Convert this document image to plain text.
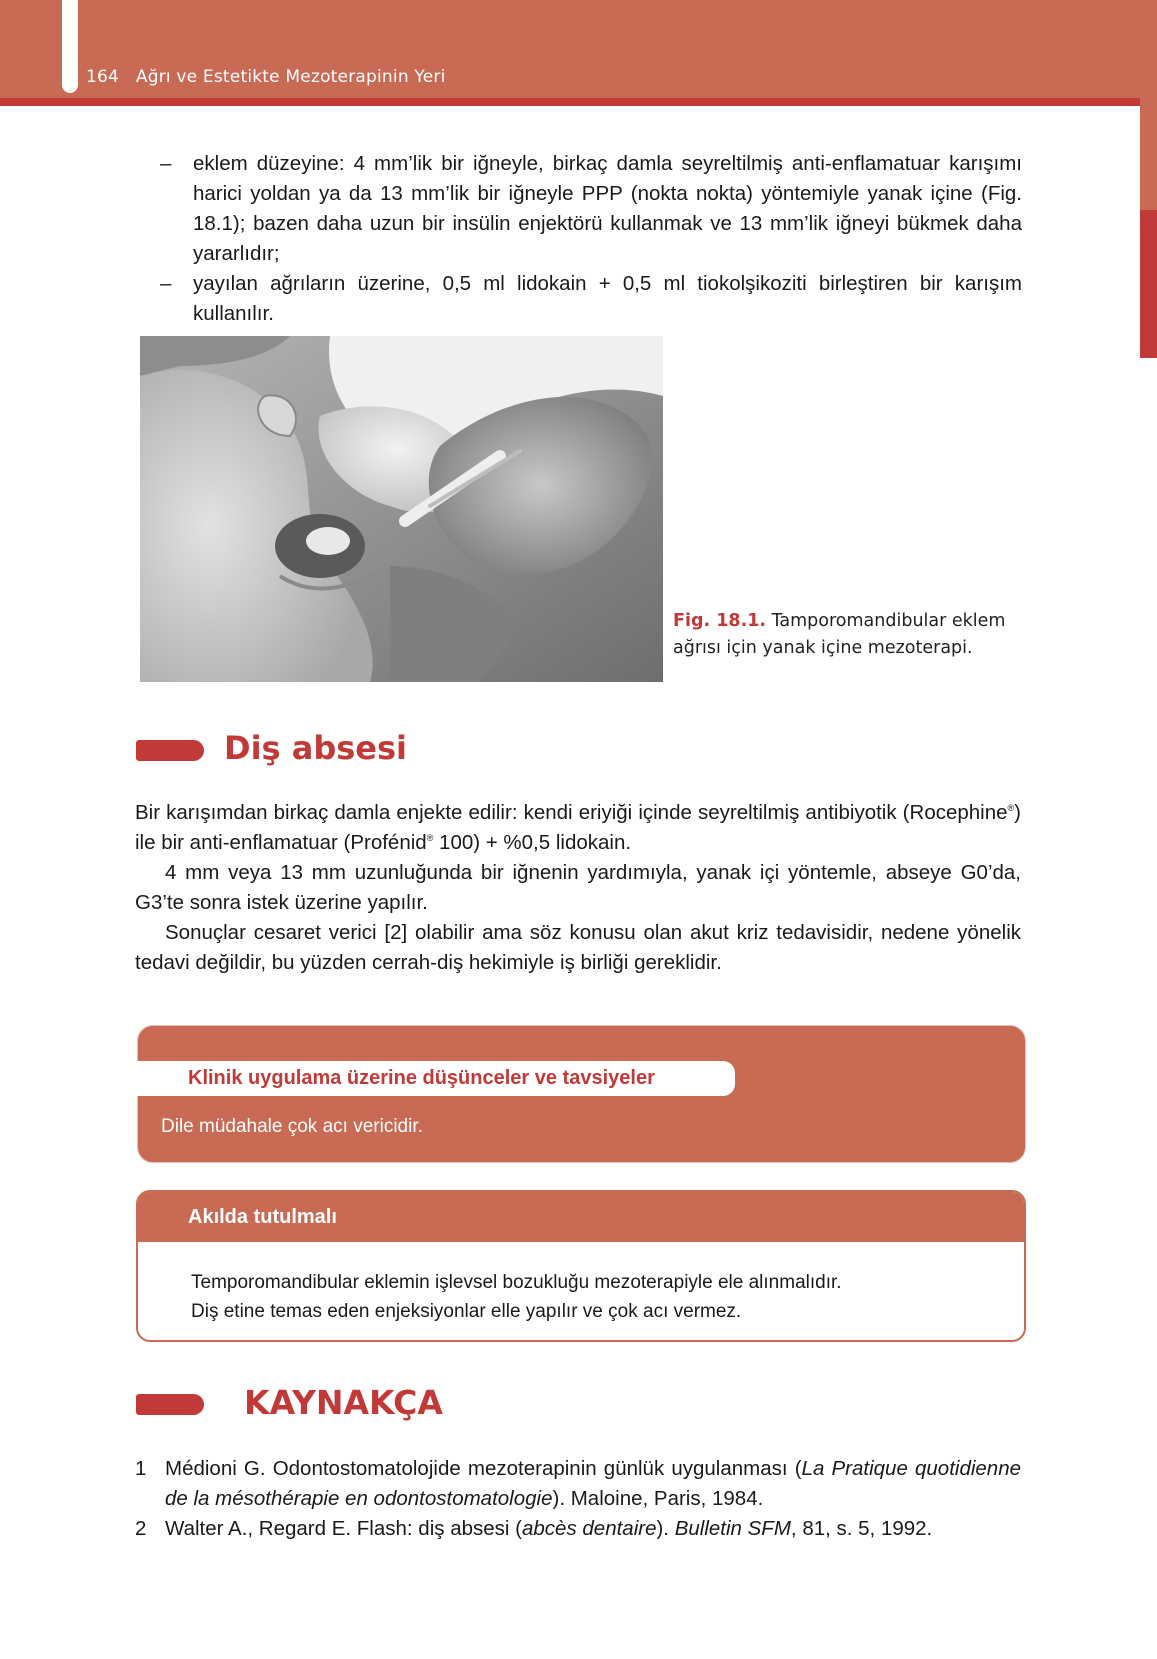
164 Ağrı ve Estetikte Mezoterapinin Yeri
– eklem düzeyine: 4 mm’lik bir iğneyle, birkaç damla seyreltilmiş anti-enflamatuar karışımı harici yoldan ya da 13 mm’lik bir iğneyle PPP (nokta nokta) yöntemiyle yanak içine (Fig. 18.1); bazen daha uzun bir insülin enjektörü kullanmak ve 13 mm’lik iğneyi bükmek daha yararlıdır;
– yayılan ağrıların üzerine, 0,5 ml lidokain + 0,5 ml tiokolşikoziti birleştiren bir karışım kullanılır.
Fig. 18.1. Tamporomandibular eklem ağrısı için yanak içine mezoterapi.
Diş absesi

Bir karışımdan birkaç damla enjekte edilir: kendi eriyiği içinde seyreltilmiş antibiyotik (Rocephine®) ile bir anti-enflamatuar (Profénid® 100) + %0,5 lidokain.

4 mm veya 13 mm uzunluğunda bir iğnenin yardımıyla, yanak içi yöntemle, abseye G0’da, G3’te sonra istek üzerine yapılır.

Sonuçlar cesaret verici [2] olabilir ama söz konusu olan akut kriz tedavisidir, nedene yönelik tedavi değildir, bu yüzden cerrah-diş hekimiyle iş birliği gereklidir.

Klinik uygulama üzerine düşünceler ve tavsiyeler
Dile müdahale çok acı vericidir.
Akılda tutulmalı
Temporomandibular eklemin işlevsel bozukluğu mezoterapiyle ele alınmalıdır.
Diş etine temas eden enjeksiyonlar elle yapılır ve çok acı vermez.
KAYNAKÇA
1 Médioni G. Odontostomatolojide mezoterapinin günlük uygulanması (La Pratique quotidienne de la mésothérapie en odontostomatologie). Maloine, Paris, 1984.
2 Walter A., Regard E. Flash: diş absesi (abcès dentaire). Bulletin SFM, 81, s. 5, 1992.
